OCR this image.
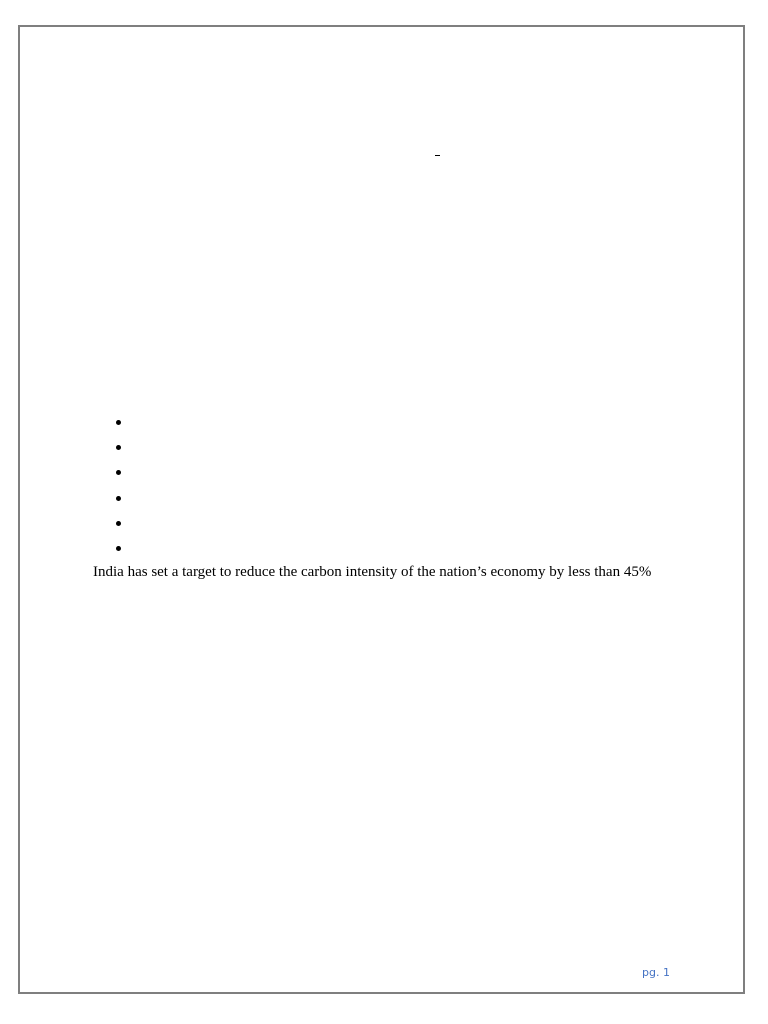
India has set a target to reduce the carbon intensity of the nation’s economy by less than 45%

pg. 1
